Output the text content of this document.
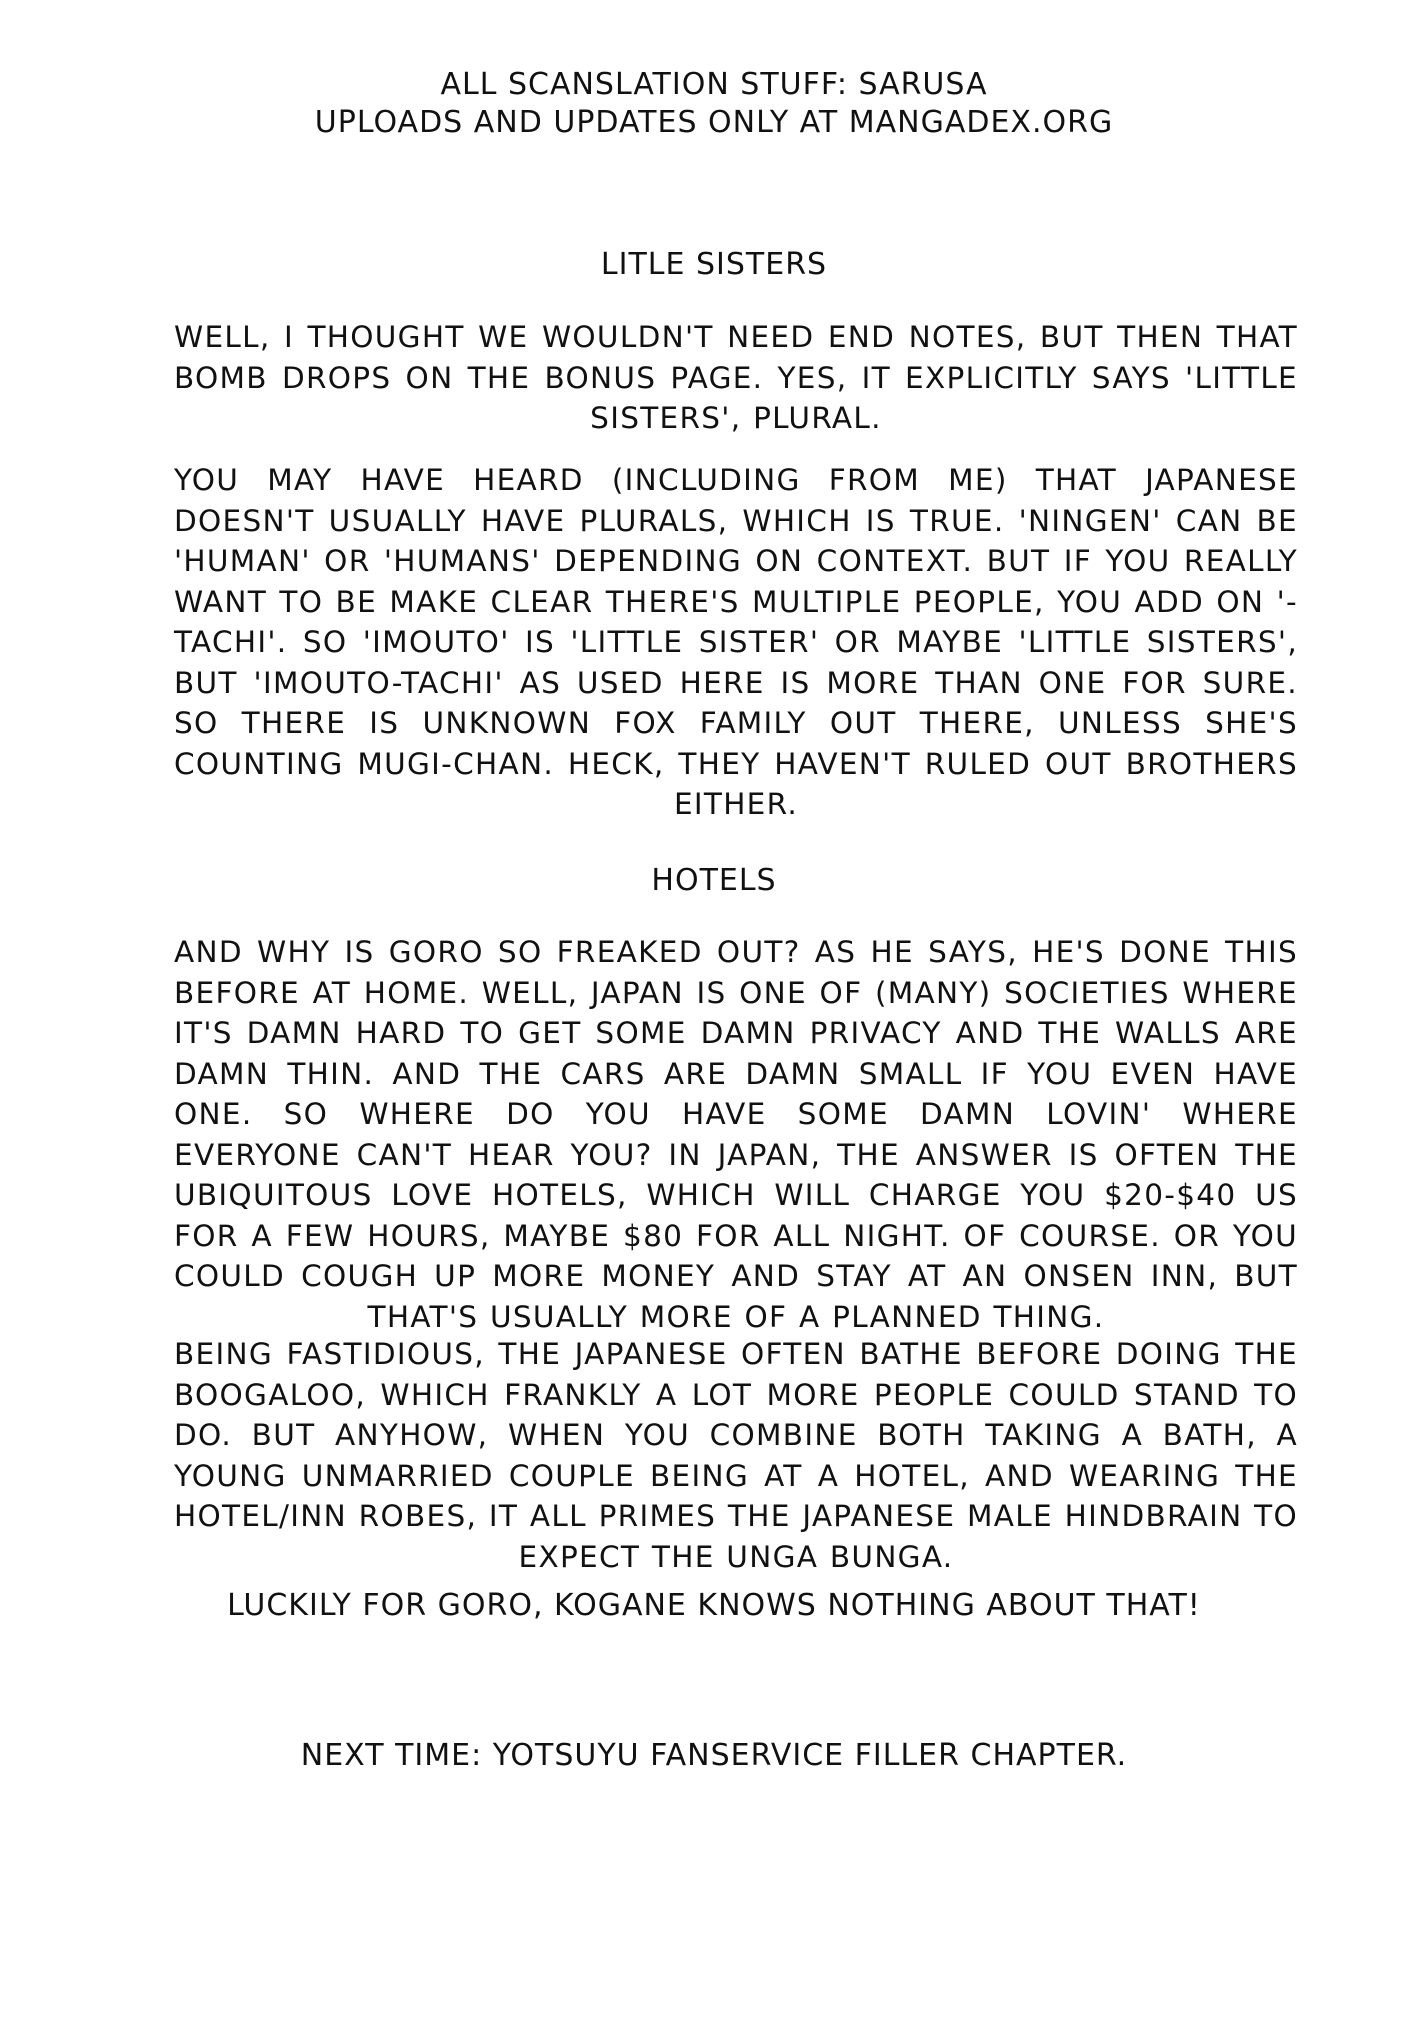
ALL SCANSLATION STUFF: SARUSA
UPLOADS AND UPDATES ONLY AT MANGADEX.ORG
LITLE SISTERS

WELL, I THOUGHT WE WOULDN'T NEED END NOTES, BUT THEN THAT BOMB DROPS ON THE BONUS PAGE. YES, IT EXPLICITLY SAYS 'LITTLE SISTERS', PLURAL.

YOU MAY HAVE HEARD (INCLUDING FROM ME) THAT JAPANESE DOESN'T USUALLY HAVE PLURALS, WHICH IS TRUE. 'NINGEN' CAN BE 'HUMAN' OR 'HUMANS' DEPENDING ON CONTEXT. BUT IF YOU REALLY WANT TO BE MAKE CLEAR THERE'S MULTIPLE PEOPLE, YOU ADD ON '-TACHI'. SO 'IMOUTO' IS 'LITTLE SISTER' OR MAYBE 'LITTLE SISTERS', BUT 'IMOUTO-TACHI' AS USED HERE IS MORE THAN ONE FOR SURE. SO THERE IS UNKNOWN FOX FAMILY OUT THERE, UNLESS SHE'S COUNTING MUGI-CHAN. HECK, THEY HAVEN'T RULED OUT BROTHERS EITHER.

HOTELS

AND WHY IS GORO SO FREAKED OUT? AS HE SAYS, HE'S DONE THIS BEFORE AT HOME. WELL, JAPAN IS ONE OF (MANY) SOCIETIES WHERE IT'S DAMN HARD TO GET SOME DAMN PRIVACY AND THE WALLS ARE DAMN THIN. AND THE CARS ARE DAMN SMALL IF YOU EVEN HAVE ONE. SO WHERE DO YOU HAVE SOME DAMN LOVIN' WHERE EVERYONE CAN'T HEAR YOU? IN JAPAN, THE ANSWER IS OFTEN THE UBIQUITOUS LOVE HOTELS, WHICH WILL CHARGE YOU $20-$40 US FOR A FEW HOURS, MAYBE $80 FOR ALL NIGHT. OF COURSE. OR YOU COULD COUGH UP MORE MONEY AND STAY AT AN ONSEN INN, BUT THAT'S USUALLY MORE OF A PLANNED THING.

BEING FASTIDIOUS, THE JAPANESE OFTEN BATHE BEFORE DOING THE BOOGALOO, WHICH FRANKLY A LOT MORE PEOPLE COULD STAND TO DO. BUT ANYHOW, WHEN YOU COMBINE BOTH TAKING A BATH, A YOUNG UNMARRIED COUPLE BEING AT A HOTEL, AND WEARING THE HOTEL/INN ROBES, IT ALL PRIMES THE JAPANESE MALE HINDBRAIN TO EXPECT THE UNGA BUNGA.

LUCKILY FOR GORO, KOGANE KNOWS NOTHING ABOUT THAT!
NEXT TIME: YOTSUYU FANSERVICE FILLER CHAPTER.
